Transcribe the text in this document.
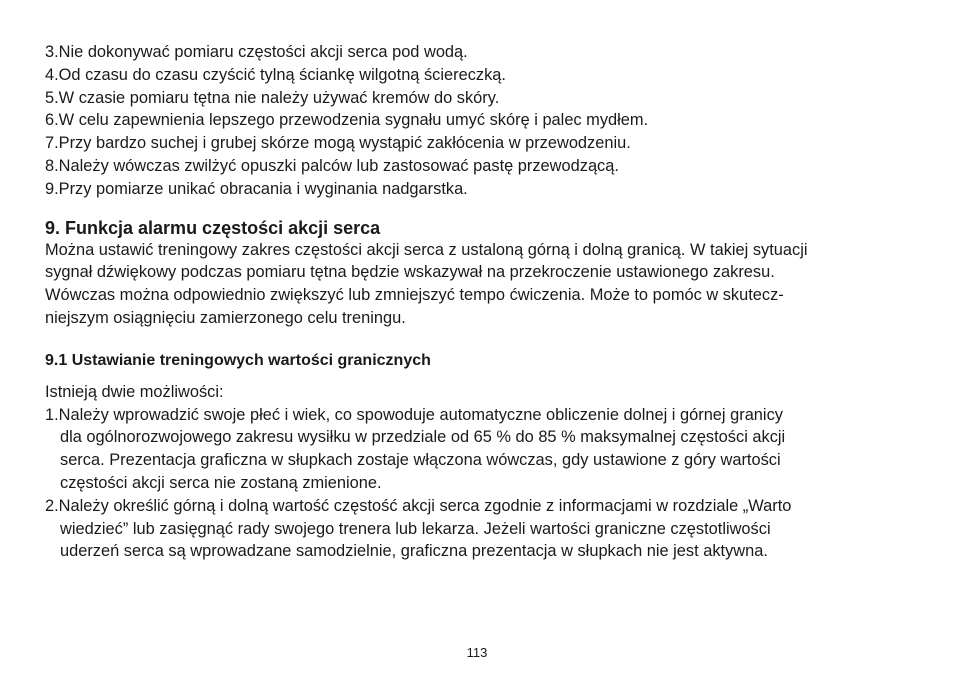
3.Nie dokonywać pomiaru częstości akcji serca pod wodą.
4.Od czasu do czasu czyścić tylną ściankę wilgotną ściereczką.
5.W czasie pomiaru tętna nie należy używać kremów do skóry.
6.W celu zapewnienia lepszego przewodzenia sygnału umyć skórę i palec mydłem.
7.Przy bardzo suchej i grubej skórze mogą wystąpić zakłócenia w przewodzeniu.
8.Należy wówczas zwilżyć opuszki palców lub zastosować pastę przewodzącą.
9.Przy pomiarze unikać obracania i wyginania nadgarstka.
9. Funkcja alarmu częstości akcji serca
Można ustawić treningowy zakres częstości akcji serca z ustaloną górną i dolną granicą. W takiej sytuacji
sygnał dźwiękowy podczas pomiaru tętna będzie wskazywał na przekroczenie ustawionego zakresu.
Wówczas można odpowiednio zwiększyć lub zmniejszyć tempo ćwiczenia. Może to pomóc w skutecz-
niejszym osiągnięciu zamierzonego celu treningu.
9.1 Ustawianie treningowych wartości granicznych
Istnieją dwie możliwości:
1.Należy wprowadzić swoje płeć i wiek, co spowoduje automatyczne obliczenie dolnej i górnej granicy
dla ogólnorozwojowego zakresu wysiłku w przedziale od 65 % do 85 % maksymalnej częstości akcji
serca. Prezentacja graficzna w słupkach zostaje włączona wówczas, gdy ustawione z góry wartości
częstości akcji serca nie zostaną zmienione.
2.Należy określić górną i dolną wartość częstość akcji serca zgodnie z informacjami w rozdziale „Warto
wiedzieć” lub zasięgnąć rady swojego trenera lub lekarza. Jeżeli wartości graniczne częstotliwości
uderzeń serca są wprowadzane samodzielnie, graficzna prezentacja w słupkach nie jest aktywna.
113
